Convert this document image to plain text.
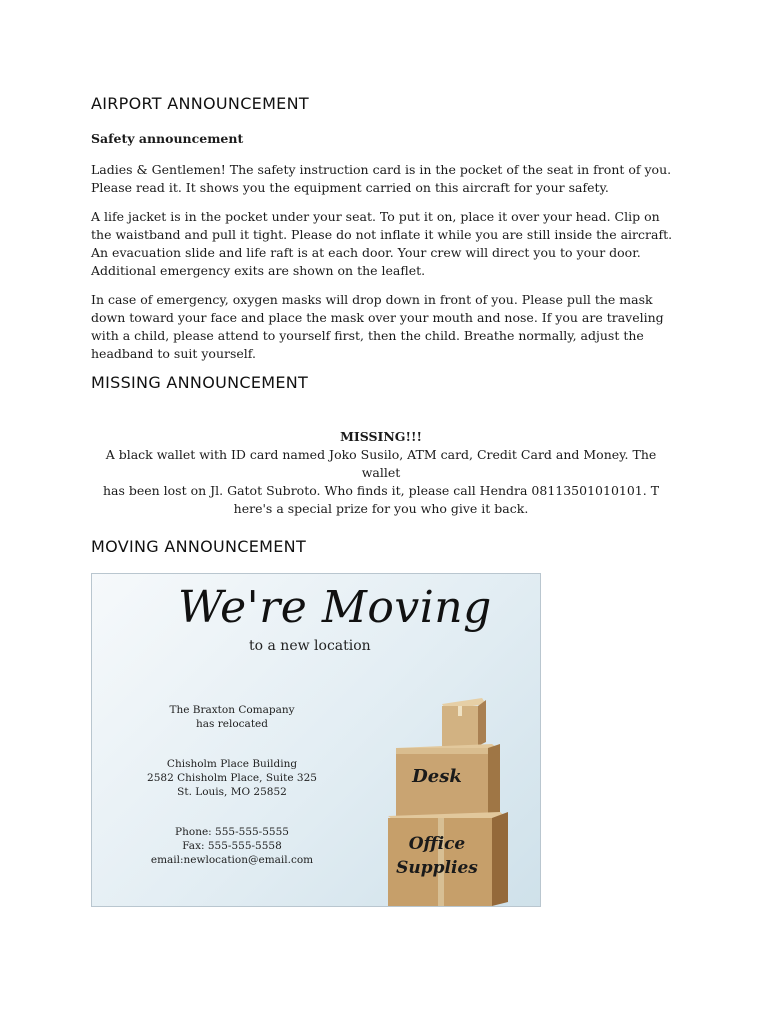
AIRPORT ANNOUNCEMENT

Safety announcement

Ladies & Gentlemen! The safety instruction card is in the pocket of the seat in front of you. Please read it. It shows you the equipment carried on this aircraft for your safety.

A life jacket is in the pocket under your seat. To put it on, place it over your head. Clip on the waistband and pull it tight. Please do not inflate it while you are still inside the aircraft. An evacuation slide and life raft is at each door. Your crew will direct you to your door. Additional emergency exits are shown on the leaflet.

In case of emergency, oxygen masks will drop down in front of you. Please pull the mask down toward your face and place the mask over your mouth and nose. If you are traveling with a child, please attend to yourself first, then the child. Breathe normally, adjust the headband to suit yourself.

MISSING ANNOUNCEMENT
MISSING!!!
A black wallet with ID card named Joko Susilo, ATM card, Credit Card and Money. The wallet
has been lost on Jl. Gatot Subroto. Who finds it, please call Hendra 08113501010101. T
here's a special prize for you who give it back.
MOVING ANNOUNCEMENT
We're Moving
to a new location
The Braxton Comapany
has relocated
Chisholm Place Building
2582 Chisholm Place, Suite 325
St. Louis, MO 25852
Phone: 555-555-5555
Fax: 555-555-5558
email:newlocation@email.com
Desk
Office
Supplies
